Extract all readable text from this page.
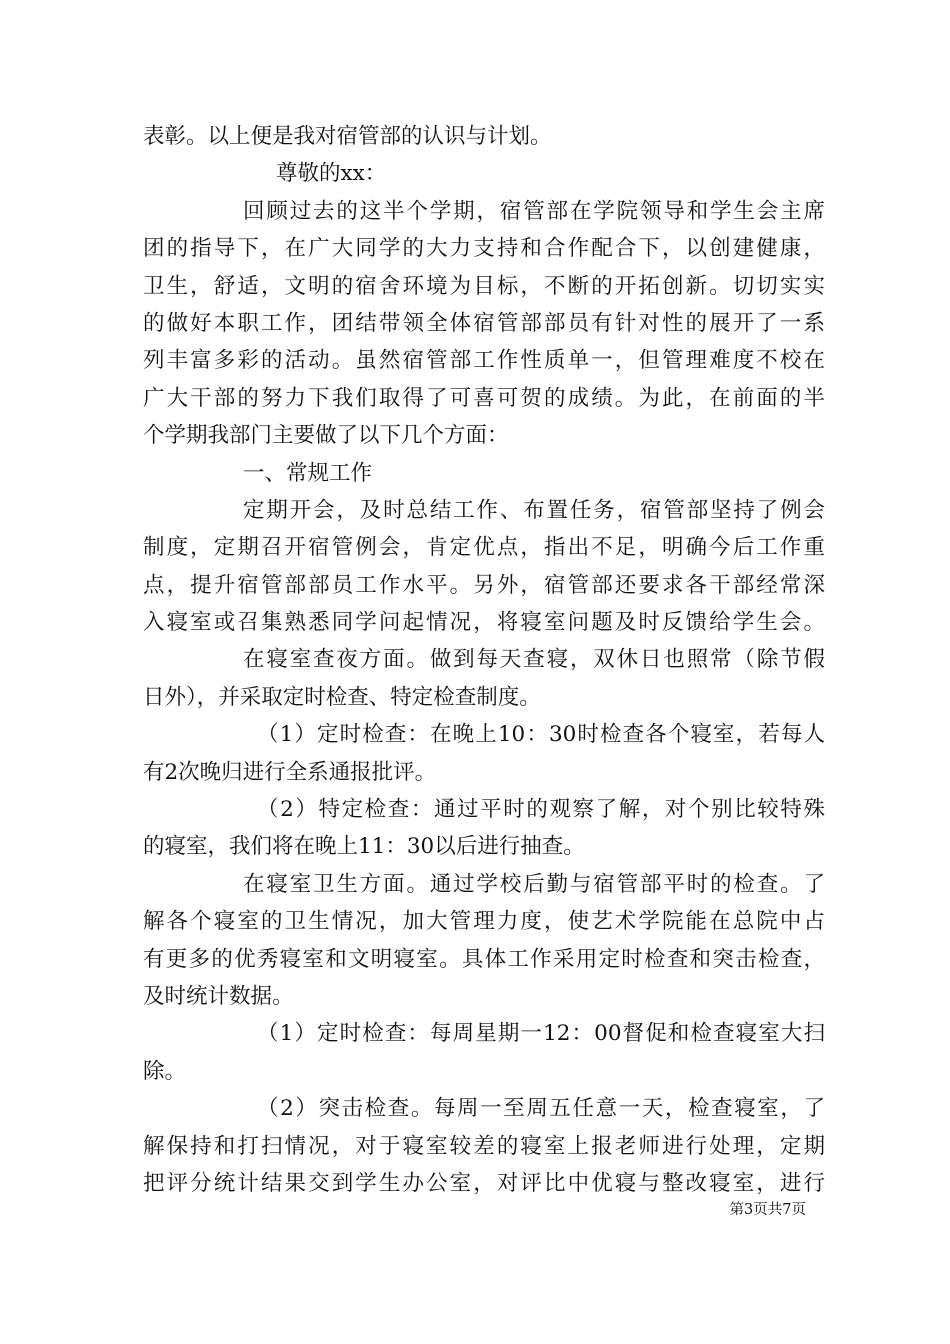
表彰。以上便是我对宿管部的认识与计划。
尊敬的xx：
回顾过去的这半个学期，宿管部在学院领导和学生会主席
团的指导下，在广大同学的大力支持和合作配合下，以创建健康，
卫生，舒适，文明的宿舍环境为目标，不断的开拓创新。切切实实
的做好本职工作，团结带领全体宿管部部员有针对性的展开了一系
列丰富多彩的活动。虽然宿管部工作性质单一，但管理难度不校在
广大干部的努力下我们取得了可喜可贺的成绩。为此，在前面的半
个学期我部门主要做了以下几个方面：
一、常规工作
定期开会，及时总结工作、布置任务，宿管部坚持了例会
制度，定期召开宿管例会，肯定优点，指出不足，明确今后工作重
点，提升宿管部部员工作水平。另外，宿管部还要求各干部经常深
入寝室或召集熟悉同学问起情况，将寝室问题及时反馈给学生会。
在寝室查夜方面。做到每天查寝，双休日也照常（除节假
日外），并采取定时检查、特定检查制度。
（1）定时检查：在晚上10：30时检查各个寝室，若每人
有2次晚归进行全系通报批评。
（2）特定检查：通过平时的观察了解，对个别比较特殊
的寝室，我们将在晚上11：30以后进行抽查。
在寝室卫生方面。通过学校后勤与宿管部平时的检查。了
解各个寝室的卫生情况，加大管理力度，使艺术学院能在总院中占
有更多的优秀寝室和文明寝室。具体工作采用定时检查和突击检查，
及时统计数据。
（1）定时检查：每周星期一12：00督促和检查寝室大扫
除。
（2）突击检查。每周一至周五任意一天，检查寝室，了
解保持和打扫情况，对于寝室较差的寝室上报老师进行处理，定期
把评分统计结果交到学生办公室，对评比中优寝与整改寝室，进行
第3页共7页
